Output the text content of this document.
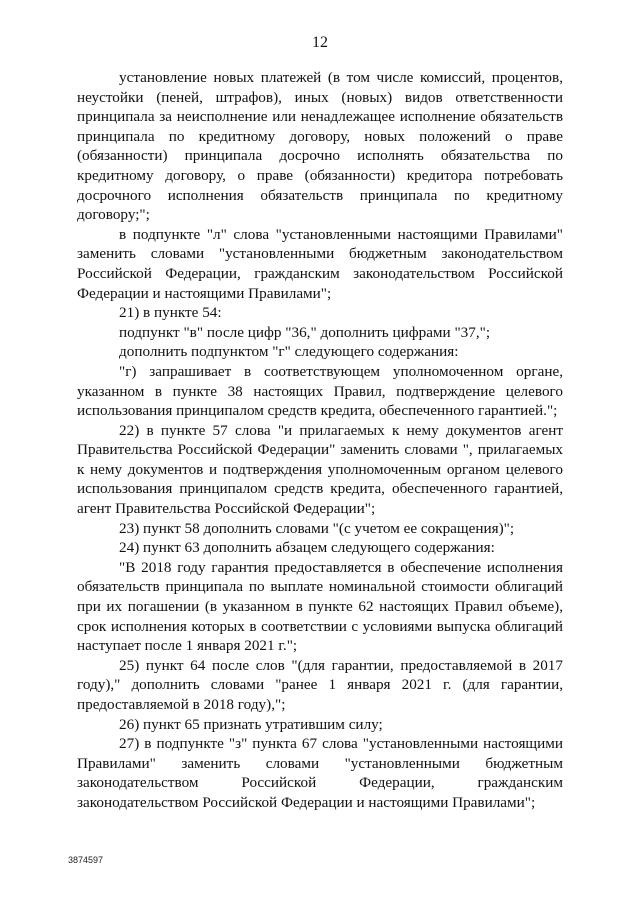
12

установление новых платежей (в том числе комиссий, процентов, неустойки (пеней, штрафов), иных (новых) видов ответственности принципала за неисполнение или ненадлежащее исполнение обязательств принципала по кредитному договору, новых положений о праве (обязанности) принципала досрочно исполнять обязательства по кредитному договору, о праве (обязанности) кредитора потребовать досрочного исполнения обязательств принципала по кредитному договору;";

в подпункте "л" слова "установленными настоящими Правилами" заменить словами "установленными бюджетным законодательством Российской Федерации, гражданским законодательством Российской Федерации и настоящими Правилами";

21) в пункте 54:

подпункт "в" после цифр "36," дополнить цифрами "37,";

дополнить подпунктом "г" следующего содержания:

"г) запрашивает в соответствующем уполномоченном органе, указанном в пункте 38 настоящих Правил, подтверждение целевого использования принципалом средств кредита, обеспеченного гарантией.";

22) в пункте 57 слова "и прилагаемых к нему документов агент Правительства Российской Федерации" заменить словами ", прилагаемых к нему документов и подтверждения уполномоченным органом целевого использования принципалом средств кредита, обеспеченного гарантией, агент Правительства Российской Федерации";

23) пункт 58 дополнить словами "(с учетом ее сокращения)";

24) пункт 63 дополнить абзацем следующего содержания:

"В 2018 году гарантия предоставляется в обеспечение исполнения обязательств принципала по выплате номинальной стоимости облигаций при их погашении (в указанном в пункте 62 настоящих Правил объеме), срок исполнения которых в соответствии с условиями выпуска облигаций наступает после 1 января 2021 г.";

25) пункт 64 после слов "(для гарантии, предоставляемой в 2017 году)," дополнить словами "ранее 1 января 2021 г. (для гарантии, предоставляемой в 2018 году),";

26) пункт 65 признать утратившим силу;

27) в подпункте "з" пункта 67 слова "установленными настоящими Правилами" заменить словами "установленными бюджетным законодательством Российской Федерации, гражданским законодательством Российской Федерации и настоящими Правилами";

3874597
